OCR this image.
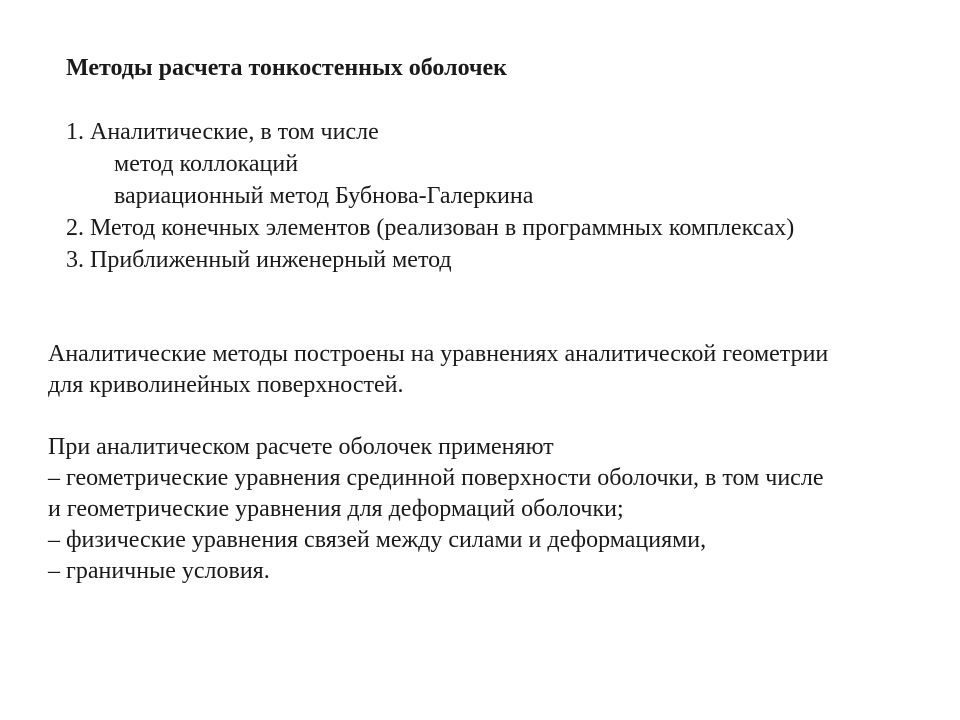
Методы расчета тонкостенных оболочек
1. Аналитические, в том числе
метод коллокаций
вариационный метод Бубнова-Галеркина
2. Метод конечных элементов (реализован в программных комплексах)
3. Приближенный инженерный метод
Аналитические методы построены на уравнениях аналитической геометрии
для криволинейных поверхностей.
При аналитическом расчете оболочек применяют
– геометрические уравнения срединной поверхности оболочки, в том числе
и геометрические уравнения для деформаций оболочки;
– физические уравнения связей между силами и деформациями,
– граничные условия.
